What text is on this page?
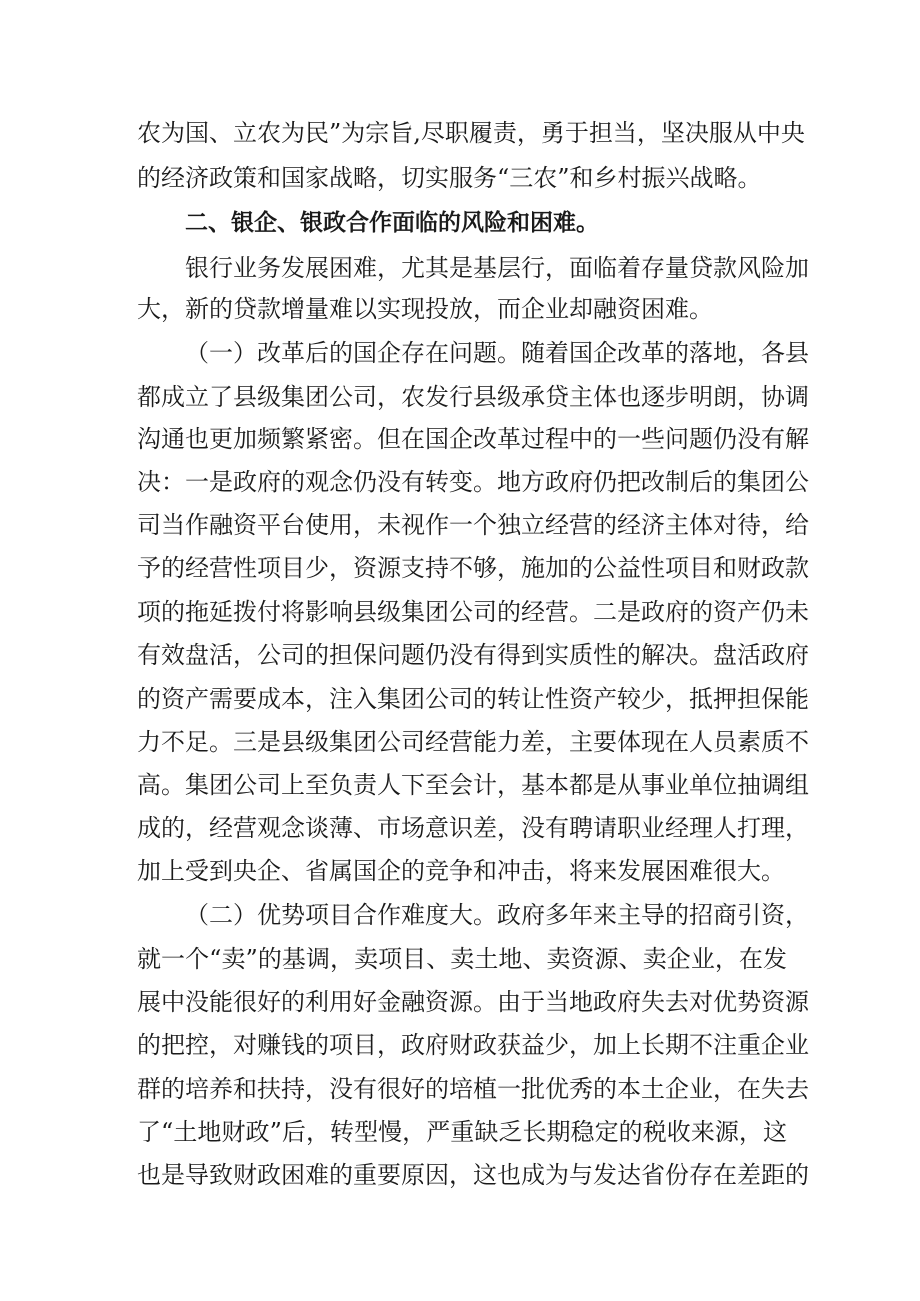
农为国、立农为民”为宗旨,尽职履责，勇于担当，坚决服从中央
的经济政策和国家战略，切实服务“三农”和乡村振兴战略。
二、银企、银政合作面临的风险和困难。
银行业务发展困难，尤其是基层行，面临着存量贷款风险加
大，新的贷款增量难以实现投放，而企业却融资困难。
（一）改革后的国企存在问题。随着国企改革的落地，各县
都成立了县级集团公司，农发行县级承贷主体也逐步明朗，协调
沟通也更加频繁紧密。但在国企改革过程中的一些问题仍没有解
决：一是政府的观念仍没有转变。地方政府仍把改制后的集团公
司当作融资平台使用，未视作一个独立经营的经济主体对待，给
予的经营性项目少，资源支持不够，施加的公益性项目和财政款
项的拖延拨付将影响县级集团公司的经营。二是政府的资产仍未
有效盘活，公司的担保问题仍没有得到实质性的解决。盘活政府
的资产需要成本，注入集团公司的转让性资产较少，抵押担保能
力不足。三是县级集团公司经营能力差，主要体现在人员素质不
高。集团公司上至负责人下至会计，基本都是从事业单位抽调组
成的，经营观念谈薄、市场意识差，没有聘请职业经理人打理，
加上受到央企、省属国企的竞争和冲击，将来发展困难很大。
（二）优势项目合作难度大。政府多年来主导的招商引资，
就一个“卖”的基调，卖项目、卖土地、卖资源、卖企业，在发
展中没能很好的利用好金融资源。由于当地政府失去对优势资源
的把控，对赚钱的项目，政府财政获益少，加上长期不注重企业
群的培养和扶持，没有很好的培植一批优秀的本土企业，在失去
了“土地财政”后，转型慢，严重缺乏长期稳定的税收来源，这
也是导致财政困难的重要原因，这也成为与发达省份存在差距的
